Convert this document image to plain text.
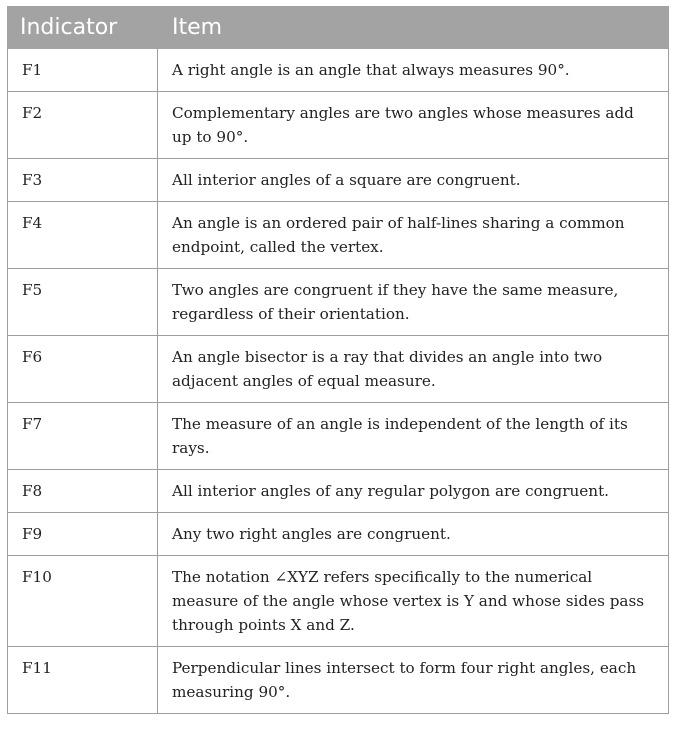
Indicator	Item
F1	A right angle is an angle that always measures 90°.
F2	Complementary angles are two angles whose measures add up to 90°.
F3	All interior angles of a square are congruent.
F4	An angle is an ordered pair of half-lines sharing a common endpoint, called the vertex.
F5	Two angles are congruent if they have the same measure, regardless of their orientation.
F6	An angle bisector is a ray that divides an angle into two adjacent angles of equal measure.
F7	The measure of an angle is independent of the length of its rays.
F8	All interior angles of any regular polygon are congruent.
F9	Any two right angles are congruent.
F10	The notation ∠XYZ refers specifically to the numerical measure of the angle whose vertex is Y and whose sides pass through points X and Z.
F11	Perpendicular lines intersect to form four right angles, each measuring 90°.
